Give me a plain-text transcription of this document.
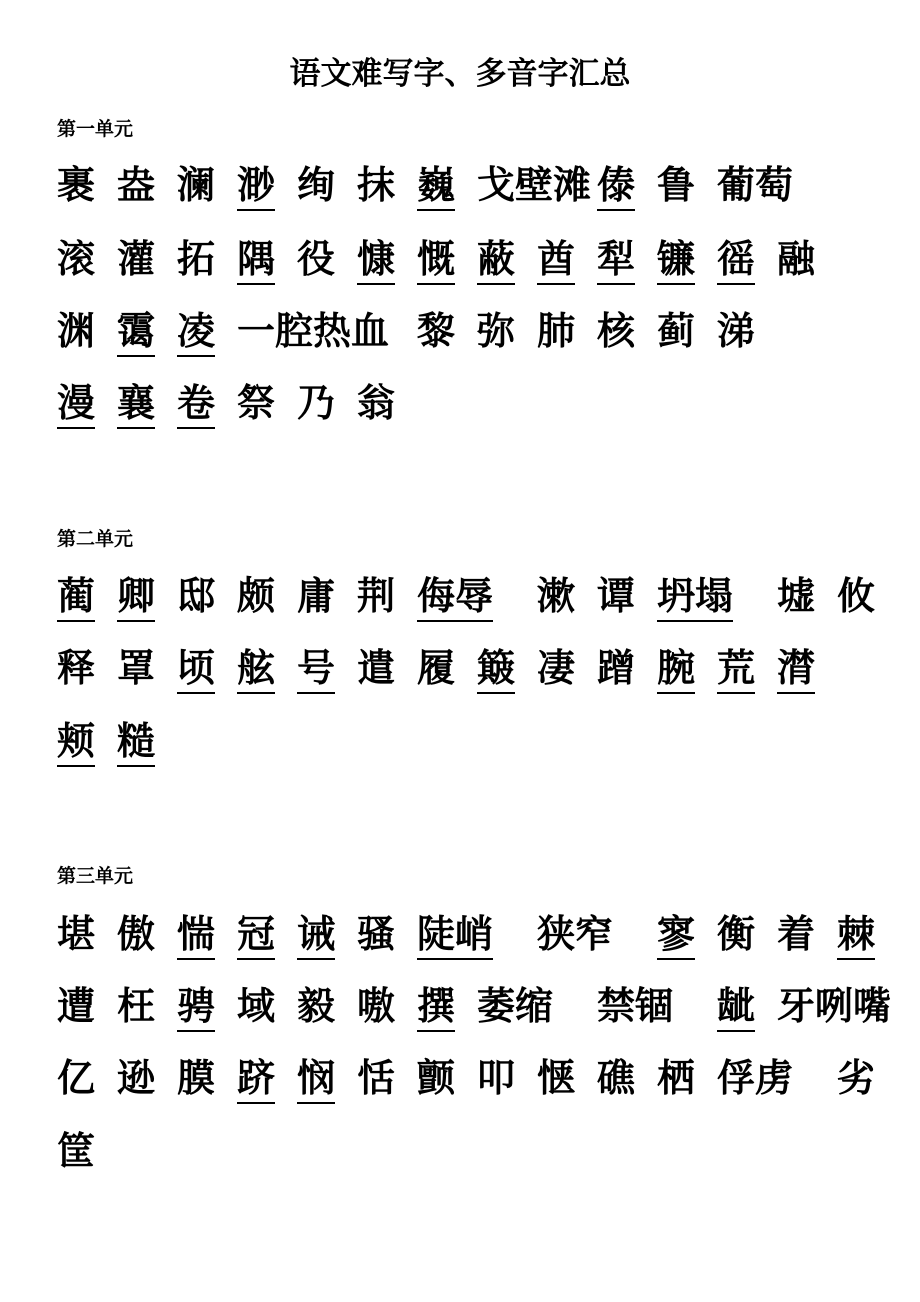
语文难写字、多音字汇总
第一单元
裹 盎 澜 渺 绚 抹 巍 戈壁滩 傣 鲁 葡萄
滚 灌 拓 隅 役 慷 慨 蔽 酋 犁 镰 徭 融
渊 霭 凌 一腔热血 黎 弥 肺 核 蓟 涕
漫 襄 卷 祭 乃 翁
第二单元
蔺 卿 邸 颇 庸 荆 侮辱 漱 谭 坍塌 墟 攸
释 罩 顷 舷 号 遣 履 簸 凄 蹭 腕 荒 潸
颊 糙
第三单元
堪 傲 惴 冠 诫 骚 陡峭 狭窄 寥 衡 着 棘
遭 枉 骋 域 毅 嗷 撰 萎缩 禁锢 龇 牙咧嘴
亿 逊 膜 跻 悯 恬 颤 叩 惬 礁 栖 俘虏 劣
筐
